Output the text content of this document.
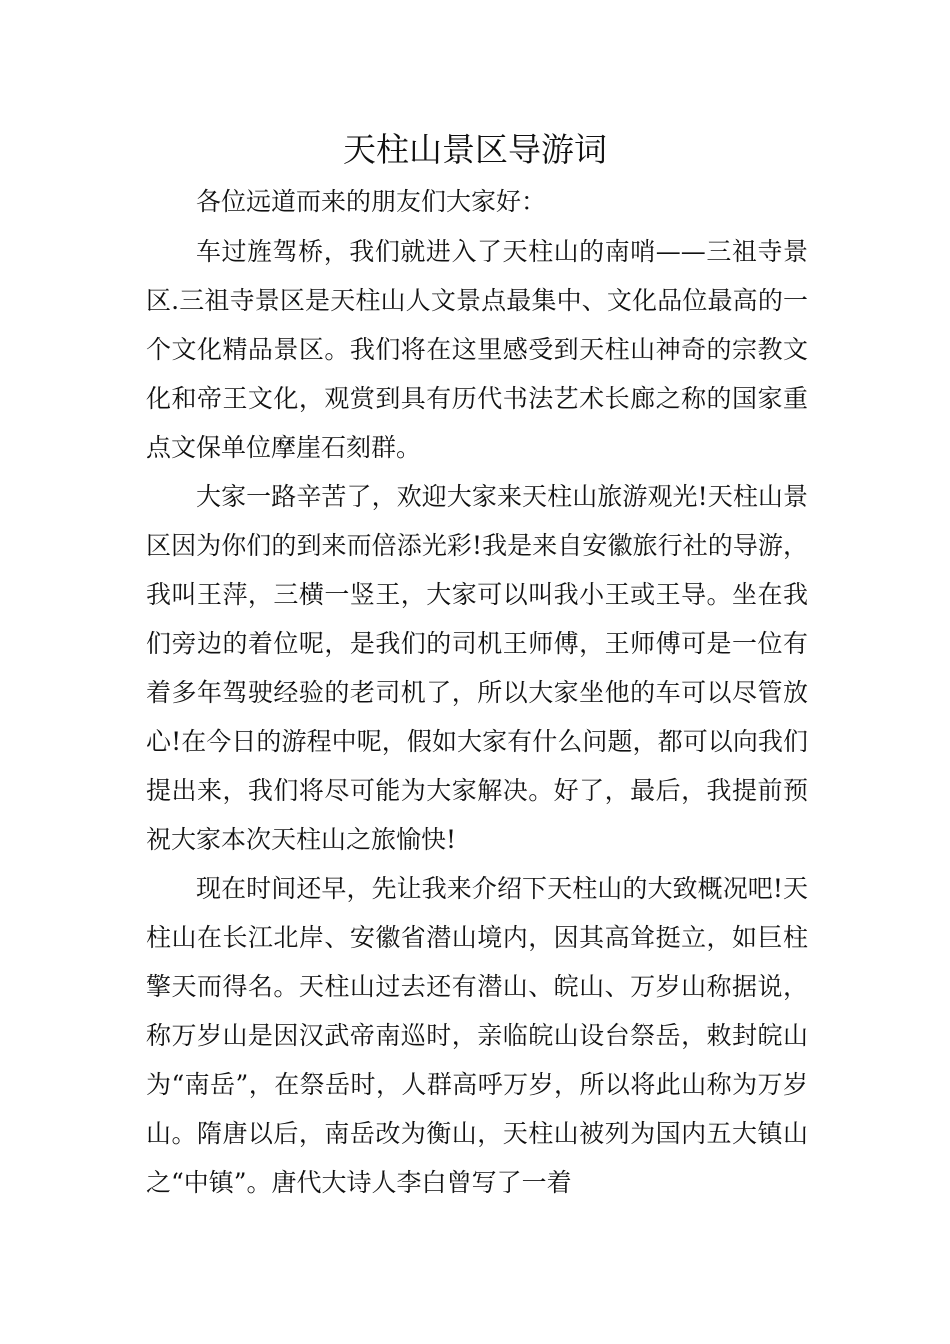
天柱山景区导游词

各位远道而来的朋友们大家好：

车过旌驾桥，我们就进入了天柱山的南哨——三祖寺景区.三祖寺景区是天柱山人文景点最集中、文化品位最高的一个文化精品景区。我们将在这里感受到天柱山神奇的宗教文化和帝王文化，观赏到具有历代书法艺术长廊之称的国家重点文保单位摩崖石刻群。

大家一路辛苦了，欢迎大家来天柱山旅游观光!天柱山景区因为你们的到来而倍添光彩!我是来自安徽旅行社的导游，我叫王萍，三横一竖王，大家可以叫我小王或王导。坐在我们旁边的着位呢，是我们的司机王师傅，王师傅可是一位有着多年驾驶经验的老司机了，所以大家坐他的车可以尽管放心!在今日的游程中呢，假如大家有什么问题，都可以向我们提出来，我们将尽可能为大家解决。好了，最后，我提前预祝大家本次天柱山之旅愉快!

现在时间还早，先让我来介绍下天柱山的大致概况吧!天柱山在长江北岸、安徽省潜山境内，因其高耸挺立，如巨柱擎天而得名。天柱山过去还有潜山、皖山、万岁山称据说，称万岁山是因汉武帝南巡时，亲临皖山设台祭岳，敕封皖山为“南岳”，在祭岳时，人群高呼万岁，所以将此山称为万岁山。隋唐以后，南岳改为衡山，天柱山被列为国内五大镇山之“中镇”。唐代大诗人李白曾写了一着
